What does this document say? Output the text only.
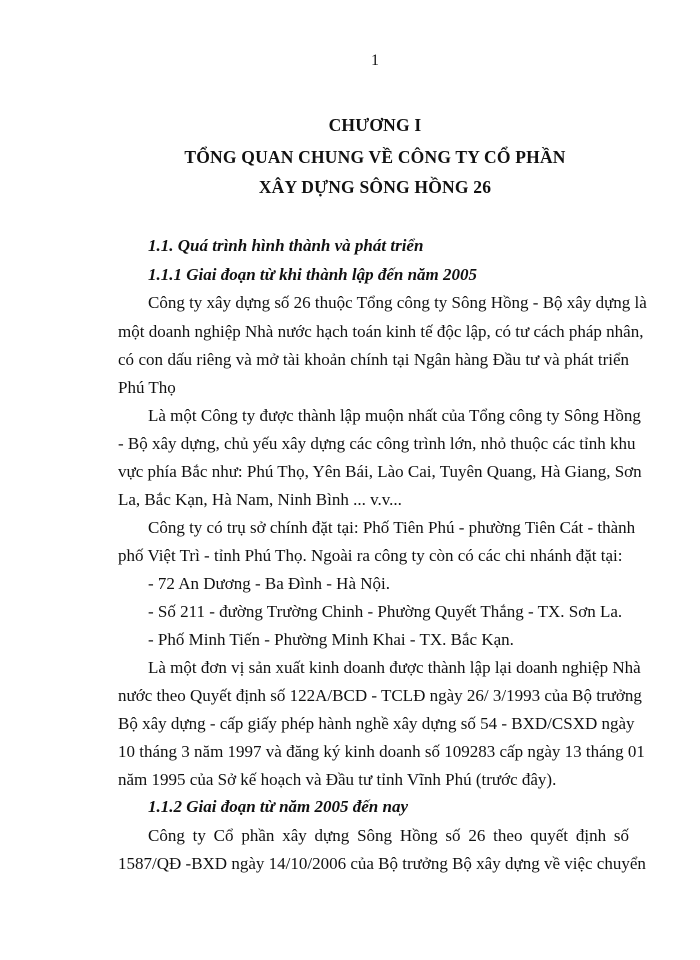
1
CHƯƠNG I
TỔNG QUAN CHUNG VỀ CÔNG TY CỔ PHẦN
XÂY DỰNG SÔNG HỒNG 26
1.1. Quá trình hình thành và phát triển
1.1.1 Giai đoạn từ khi thành lập đến năm 2005
Công ty xây dựng số 26 thuộc Tổng công ty Sông Hồng - Bộ xây dựng là
một doanh nghiệp Nhà nước hạch toán kinh tế độc lập, có tư cách pháp nhân,
có con dấu riêng và mở tài khoản chính tại Ngân hàng Đầu tư và phát triển
Phú Thọ
Là một Công ty được thành lập muộn nhất của Tổng công ty Sông Hồng
- Bộ xây dựng, chủ yếu xây dựng các công trình lớn, nhỏ thuộc các tỉnh khu
vực phía Bắc như: Phú Thọ, Yên Bái, Lào Cai, Tuyên Quang, Hà Giang, Sơn
La, Bắc Kạn, Hà Nam, Ninh Bình ... v.v...
Công ty có trụ sở chính đặt tại: Phố Tiên Phú - phường Tiên Cát - thành
phố Việt Trì - tỉnh Phú Thọ. Ngoài ra công ty còn có các chi nhánh đặt tại:
- 72 An Dương - Ba Đình - Hà Nội.
- Số 211 - đường Trường Chinh - Phường Quyết Thắng - TX. Sơn La.
- Phố Minh Tiến - Phường Minh Khai - TX. Bắc Kạn.
Là một đơn vị sản xuất kinh doanh được thành lập lại doanh nghiệp Nhà
nước theo Quyết định số 122A/BCD - TCLĐ ngày 26/ 3/1993 của Bộ trưởng
Bộ xây dựng - cấp giấy phép hành nghề xây dựng số 54 - BXD/CSXD ngày
10 tháng 3 năm 1997 và đăng ký kinh doanh số 109283 cấp ngày 13 tháng 01
năm 1995 của Sở kế hoạch và Đầu tư tỉnh Vĩnh Phú (trước đây).
1.1.2 Giai đoạn từ năm 2005 đến nay
Công ty Cổ phần xây dựng Sông Hồng số 26 theo quyết định số
1587/QĐ -BXD ngày 14/10/2006 của Bộ trưởng Bộ xây dựng về việc chuyển
